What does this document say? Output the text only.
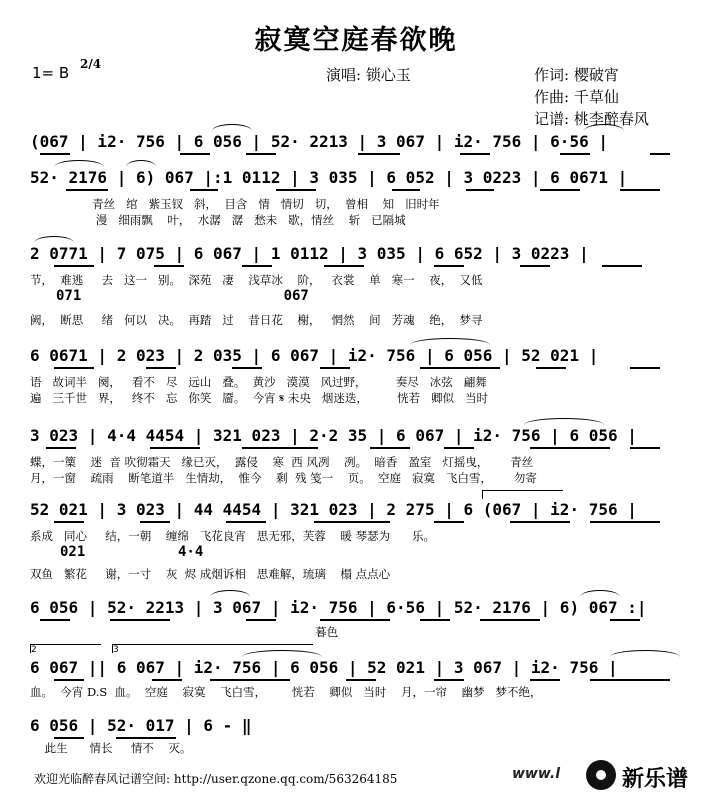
寂寞空庭春欲晚
1= B 2/4
演唱: 锁心玉	作词: 樱破宵
作曲: 千草仙
记谱: 桃李醉春风
(067 | i2· 756 | 6 056 | 52· 2213 | 3 067 | i2· 756 | 6·56 |
52· 2176 | 6) 067 |:1 0112 | 3 035 | 6 052 | 3 0223 | 6 0671 |
青丝   绾   紫玉钗   斜，  目含   情   情切   切，  曾相    知   旧时年
漫   细雨飘    叶，  水潺   潺   愁未   歇，情丝    斩   已隔城
2 0771 | 7 075 | 6 067 | 1 0112 | 3 035 | 6 652 | 3 0223 |
节，  难逃     去   这一   别。  深苑   凄    浅草冰    阶，   衣裳    单   寒一    夜，  又低
071                        067
阙，  断思     绪   何以   决。  再踏   过    昔日花    榭，   惘然    间   芳魂    绝，  梦寻
6 0671 | 2 023 | 2 035 | 6 067 | i2· 756 | 6 056 | 52 021 |
语   故词半   阕，   看不   尽   远山   叠。  黄沙   漠漠   风过野，        奏尽   冰弦   翩舞
遍   三千世   界，   终不   忘   你笑   靥。  今宵 𝄋 未央   烟迷迭，        恍若   卿似   当时
3 023 | 4·4 4454 | 321 023 | 2·2 35 | 6 067 | i2· 756 | 6 056 |
蝶，一篥    迷  音 吹彻霜天   缘已灭，  露侵    寒  西 风冽    冽。  暗香   盈室   灯摇曳，      青丝
月，一窗    疏雨    断笔道半   生情劫，  惟今    剩  残 笺一    页。  空庭   寂寞   飞白雪，      勿寄
52 021 | 3 023 | 44 4454 | 321 023 | 2 275 | 6 (067 | i2· 756 |
系成   同心     结，一朝    缠绵   飞花良宵   思无邪，芙蓉    暖 琴瑟为      乐。
021           4·4
双鱼   繁花     谢，一寸    灰  烬 成烟诉相   思难解，琉璃    榻 点点心
6 056 | 52· 2213 | 3 067 | i2· 756 | 6·56 | 52· 2176 | 6) 067 :|
暮色
2	3
6 067 || 6 067 | i2· 756 | 6 056 | 52 021 | 3 067 | i2· 756 |
血。  今宵 D.S  血。  空庭    寂寞    飞白雪，       恍若    卿似   当时    月，一帘    幽梦   梦不绝，
6 056 | 52· 017 | 6 - ‖
此生      情长     情不    灭。
欢迎光临醉春风记谱空间: http://user.qzone.qq.com/563264185	www.l	新乐谱
